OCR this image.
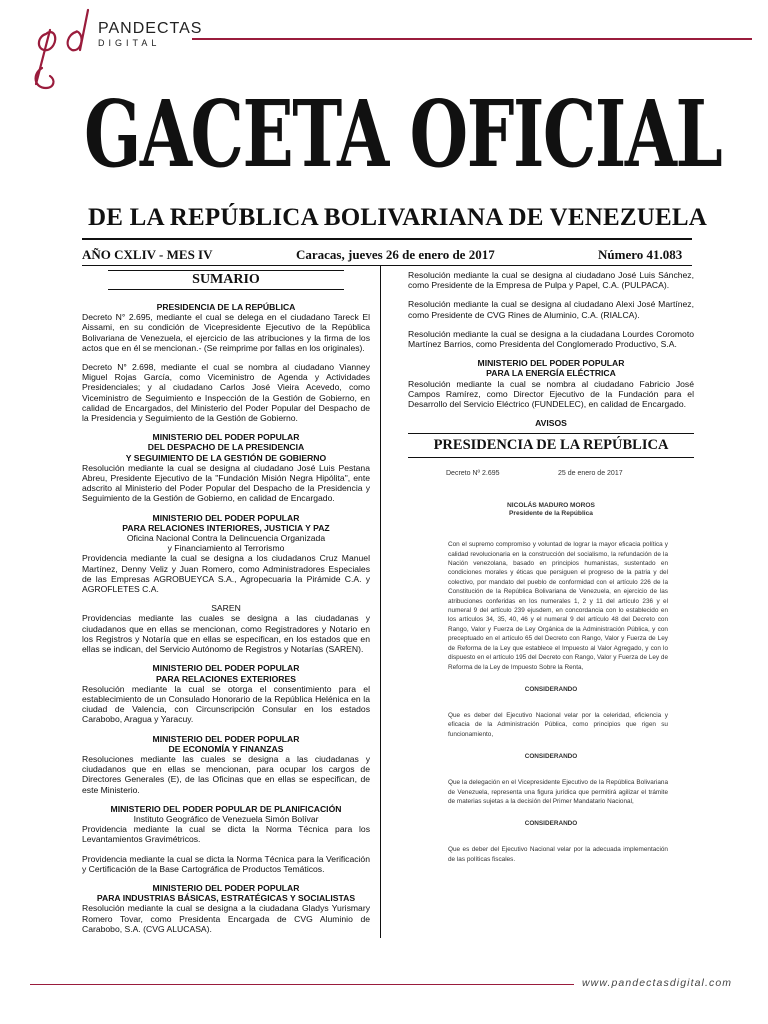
pd
PANDECTAS
DIGITAL
GACETA OFICIAL
DE LA REPÚBLICA BOLIVARIANA DE VENEZUELA
AÑO CXLIV - MES IV	Caracas, jueves 26 de enero de 2017	Número 41.083
SUMARIO
PRESIDENCIA DE LA REPÚBLICA
Decreto N° 2.695, mediante el cual se delega en el ciudadano Tareck El Aissami, en su condición de Vicepresidente Ejecutivo de la República Bolivariana de Venezuela, el ejercicio de las atribuciones y la firma de los actos que en él se mencionan.- (Se reimprime por fallas en los originales).
Decreto N° 2.698, mediante el cual se nombra al ciudadano Vianney Miguel Rojas García, como Viceministro de Agenda y Actividades Presidenciales; y al ciudadano Carlos José Vieira Acevedo, como Viceministro de Seguimiento e Inspección de la Gestión de Gobierno, en calidad de Encargados, del Ministerio del Poder Popular del Despacho de la Presidencia y Seguimiento de la Gestión de Gobierno.
MINISTERIO DEL PODER POPULAR
DEL DESPACHO DE LA PRESIDENCIA
Y SEGUIMIENTO DE LA GESTIÓN DE GOBIERNO
Resolución mediante la cual se designa al ciudadano José Luis Pestana Abreu, Presidente Ejecutivo de la "Fundación Misión Negra Hipólita", ente adscrito al Ministerio del Poder Popular del Despacho de la Presidencia y Seguimiento de la Gestión de Gobierno, en calidad de Encargado.
MINISTERIO DEL PODER POPULAR
PARA RELACIONES INTERIORES, JUSTICIA Y PAZ
Oficina Nacional Contra la Delincuencia Organizada
y Financiamiento al Terrorismo
Providencia mediante la cual se designa a los ciudadanos Cruz Manuel Martínez, Denny Veliz y Juan Romero, como Administradores Especiales de las Empresas AGROBUEYCA S.A., Agropecuaria la Pirámide C.A. y AGROFLETES C.A.
SAREN
Providencias mediante las cuales se designa a las ciudadanas y ciudadanos que en ellas se mencionan, como Registradores y Notario en los Registros y Notaría que en ellas se especifican, en los estados que en ellas se indican, del Servicio Autónomo de Registros y Notarías (SAREN).
MINISTERIO DEL PODER POPULAR
PARA RELACIONES EXTERIORES
Resolución mediante la cual se otorga el consentimiento para el establecimiento de un Consulado Honorario de la República Helénica en la ciudad de Valencia, con Circunscripción Consular en los estados Carabobo, Aragua y Yaracuy.
MINISTERIO DEL PODER POPULAR
DE ECONOMÍA Y FINANZAS
Resoluciones mediante las cuales se designa a las ciudadanas y ciudadanos que en ellas se mencionan, para ocupar los cargos de Directores Generales (E), de las Oficinas que en ellas se especifican, de este Ministerio.
MINISTERIO DEL PODER POPULAR DE PLANIFICACIÓN
Instituto Geográfico de Venezuela Simón Bolívar
Providencia mediante la cual se dicta la Norma Técnica para los Levantamientos Gravimétricos.
Providencia mediante la cual se dicta la Norma Técnica para la Verificación y Certificación de la Base Cartográfica de Productos Temáticos.
MINISTERIO DEL PODER POPULAR
PARA INDUSTRIAS BÁSICAS, ESTRATÉGICAS Y SOCIALISTAS
Resolución mediante la cual se designa a la ciudadana Gladys Yurismary Romero Tovar, como Presidenta Encargada de CVG Aluminio de Carabobo, S.A. (CVG ALUCASA).
Resolución mediante la cual se designa al ciudadano José Luis Sánchez, como Presidente de la Empresa de Pulpa y Papel, C.A. (PULPACA).
Resolución mediante la cual se designa al ciudadano Alexi José Martínez, como Presidente de CVG Rines de Aluminio, C.A. (RIALCA).
Resolución mediante la cual se designa a la ciudadana Lourdes Coromoto Martínez Barrios, como Presidenta del Conglomerado Productivo, S.A.
MINISTERIO DEL PODER POPULAR
PARA LA ENERGÍA ELÉCTRICA
Resolución mediante la cual se nombra al ciudadano Fabricio José Campos Ramírez, como Director Ejecutivo de la Fundación para el Desarrollo del Servicio Eléctrico (FUNDELEC), en calidad de Encargado.
AVISOS
PRESIDENCIA DE LA REPÚBLICA
Decreto Nº 2.695	25 de enero de 2017
NICOLÁS MADURO MOROS
Presidente de la República
Con el supremo compromiso y voluntad de lograr la mayor eficacia política y calidad revolucionaria en la construcción del socialismo, la refundación de la Nación venezolana, basado en principios humanistas, sustentado en condiciones morales y éticas que persiguen el progreso de la patria y del colectivo, por mandato del pueblo de conformidad con el artículo 226 de la Constitución de la República Bolivariana de Venezuela, en ejercicio de las atribuciones conferidas en los numerales 1, 2 y 11 del artículo 236 y el numeral 9 del artículo 239 ejusdem, en concordancia con lo establecido en los artículos 34, 35, 40, 46 y el numeral 9 del artículo 48 del Decreto con Rango, Valor y Fuerza de Ley Orgánica de la Administración Pública, y con preceptuado en el artículo 65 del Decreto con Rango, Valor y Fuerza de Ley de Reforma de la Ley que establece el Impuesto al Valor Agregado, y con lo dispuesto en el artículo 195 del Decreto con Rango, Valor y Fuerza de Ley de Reforma de la Ley de Impuesto Sobre la Renta,
CONSIDERANDO
Que es deber del Ejecutivo Nacional velar por la celeridad, eficiencia y eficacia de la Administración Pública, como principios que rigen su funcionamiento,
CONSIDERANDO
Que la delegación en el Vicepresidente Ejecutivo de la República Bolivariana de Venezuela, representa una figura jurídica que permitirá agilizar el trámite de materias sujetas a la decisión del Primer Mandatario Nacional,
CONSIDERANDO
Que es deber del Ejecutivo Nacional velar por la adecuada implementación de las políticas fiscales.
www.pandectasdigital.com
